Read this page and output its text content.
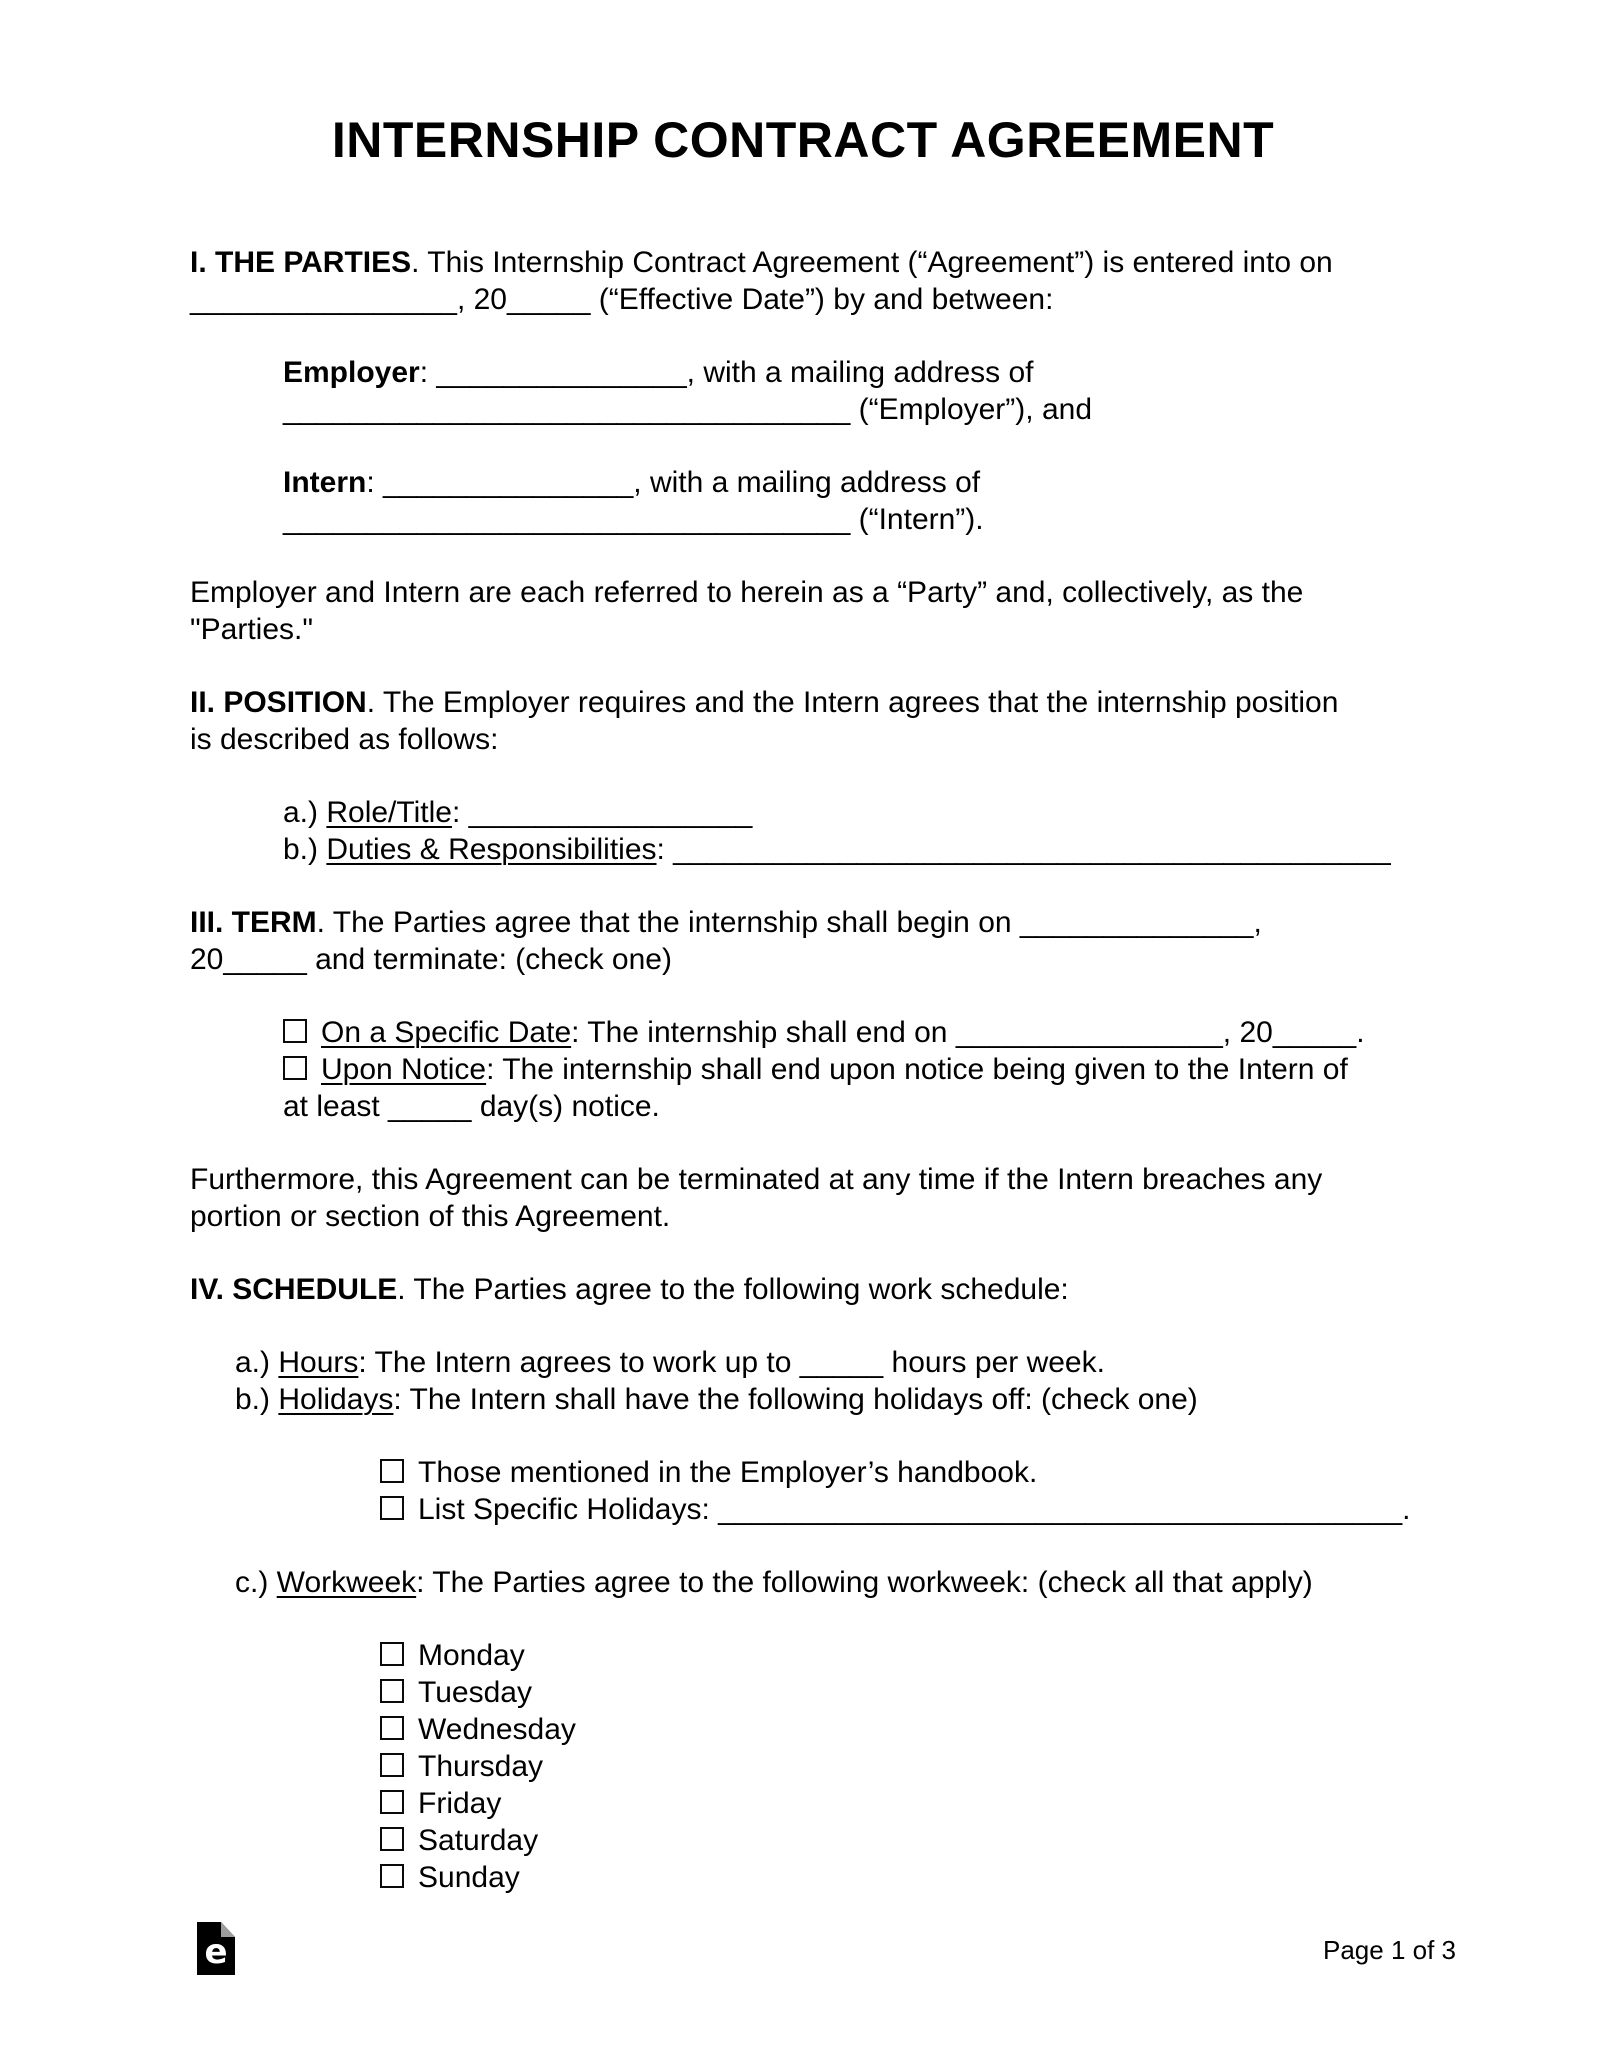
INTERNSHIP CONTRACT AGREEMENT
I. THE PARTIES. This Internship Contract Agreement (“Agreement”) is entered into on
________________, 20_____ (“Effective Date”) by and between:
Employer: _______________, with a mailing address of
__________________________________ (“Employer”), and
Intern: _______________, with a mailing address of
__________________________________ (“Intern”).
Employer and Intern are each referred to herein as a “Party” and, collectively, as the
"Parties."
II. POSITION. The Employer requires and the Intern agrees that the internship position
is described as follows:
a.) Role/Title: _________________
b.) Duties & Responsibilities: ___________________________________________
III. TERM. The Parties agree that the internship shall begin on ______________,
20_____ and terminate: (check one)
On a Specific Date: The internship shall end on ________________, 20_____.
Upon Notice: The internship shall end upon notice being given to the Intern of
at least _____ day(s) notice.
Furthermore, this Agreement can be terminated at any time if the Intern breaches any
portion or section of this Agreement.
IV. SCHEDULE. The Parties agree to the following work schedule:
a.) Hours: The Intern agrees to work up to _____ hours per week.
b.) Holidays: The Intern shall have the following holidays off: (check one)
Those mentioned in the Employer’s handbook.
List Specific Holidays: _________________________________________.
c.) Workweek: The Parties agree to the following workweek: (check all that apply)
Monday
Tuesday
Wednesday
Thursday
Friday
Saturday
Sunday
e	Page 1 of 3
